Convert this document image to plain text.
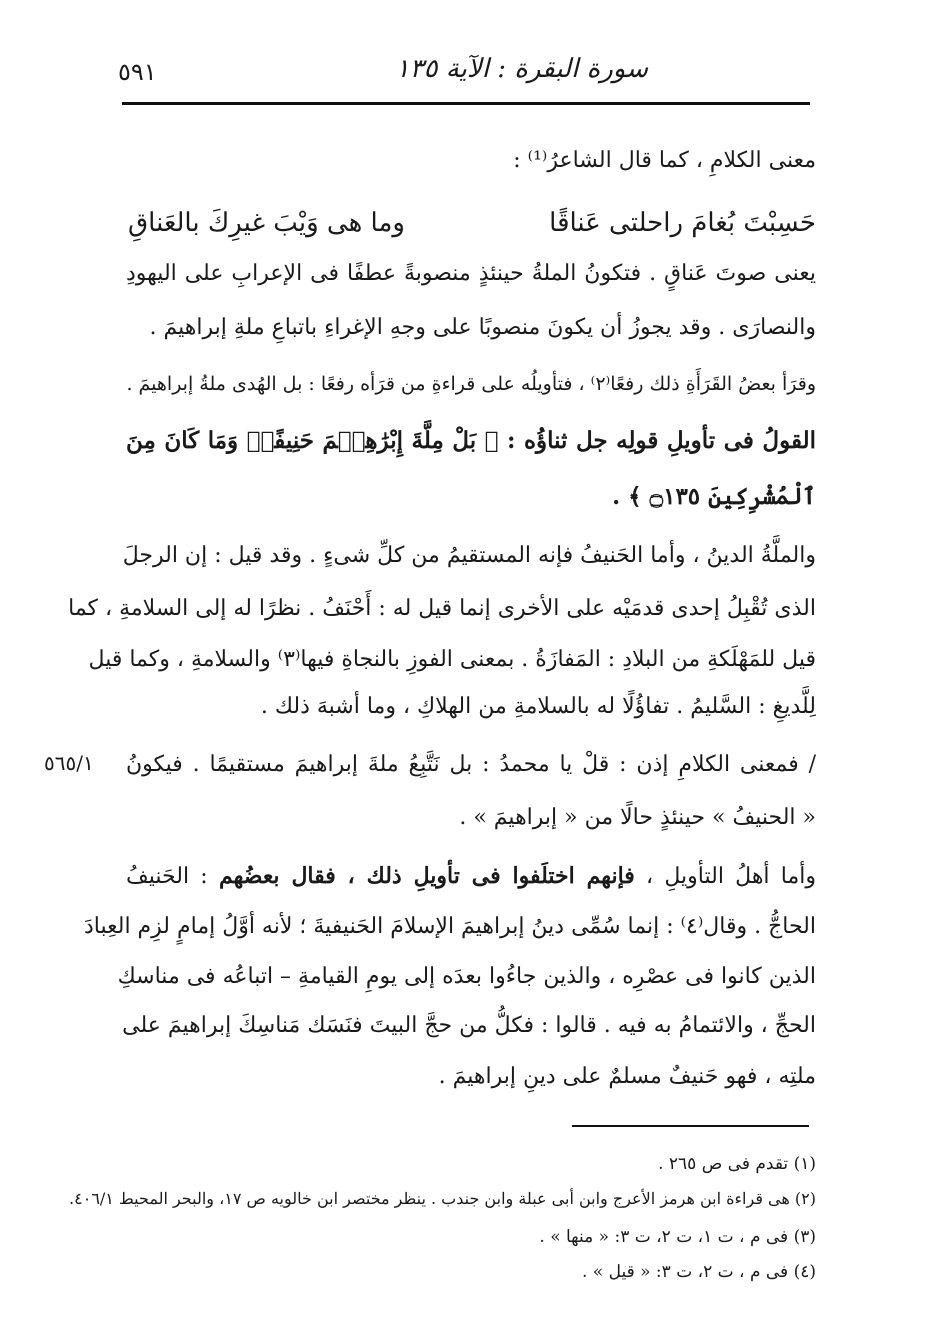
٥٩١	سورة البقرة : الآية ١٣٥
معنى الكلامِ ، كما قال الشاعرُ⁽¹⁾ :
حَسِبْتَ بُغامَ راحلتى عَناقًا
وما هى وَيْبَ غيرِكَ بالعَناقِ
يعنى صوتَ عَناقٍ . فتكونُ الملةُ حينئذٍ منصوبةً عطفًا فى الإعرابِ على اليهودِ
والنصارَى . وقد يجوزُ أن يكونَ منصوبًا على وجهِ الإغراءِ باتباعِ ملةِ إبراهيمَ .
وقرَأ بعضُ القَرَأَةِ ذلك رفعًا⁽٢⁾ ، فتأويلُه على قراءةِ من قرَأه رفعًا : بل الهُدى ملةُ إبراهيمَ .
القولُ فى تأويلِ قولِه جل ثناؤُه : ﴿ بَلْ مِلَّةَ إِبْرَٰهِـۧمَ حَنِيفًاۖ وَمَا كَانَ مِنَ
ٱلْمُشْرِكِينَ ۝١٣٥ ﴾ .
والملَّةُ الدينُ ، وأما الحَنيفُ فإنه المستقيمُ من كلِّ شىءٍ . وقد قيل : إن الرجلَ
الذى تُقْبِلُ إحدى قدمَيْه على الأخرى إنما قيل له : أَحْنَفُ . نظرًا له إلى السلامةِ ، كما
قيل للمَهْلَكةِ من البلادِ : المَفازَةُ . بمعنى الفوزِ بالنجاةِ فيها⁽٣⁾ والسلامةِ ، وكما قيل
لِلَّديغِ : السَّليمُ . تفاؤُلًا له بالسلامةِ من الهلاكِ ، وما أشبهَ ذلك .
/ فمعنى الكلامِ إذن : قلْ يا محمدُ : بل نَتَّبِعُ ملةَ إبراهيمَ مستقيمًا . فيكونُ
« الحنيفُ » حينئذٍ حالًا من « إبراهيمَ » .
٥٦٥/١
وأما أهلُ التأويلِ ، فإنهم اختلَفوا فى تأويلِ ذلك ، فقال بعضُهم : الحَنيفُ
الحاجُّ . وقال⁽٤⁾ : إنما سُمِّى دينُ إبراهيمَ الإسلامَ الحَنيفيةَ ؛ لأنه أوَّلُ إمامٍ لزِم العِبادَ
الذين كانوا فى عصْرِه ، والذين جاءُوا بعدَه إلى يومِ القيامةِ – اتباعُه فى مناسكِ
الحجِّ ، والائتمامُ به فيه . قالوا : فكلُّ من حجَّ البيتَ فنَسَك مَناسِكَ إبراهيمَ على
ملتِه ، فهو حَنيفٌ مسلمٌ على دينِ إبراهيمَ .
(١) تقدم فى ص ٢٦٥ .
(٢) هى قراءة ابن هرمز الأعرج وابن أبى عبلة وابن جندب . ينظر مختصر ابن خالويه ص ١٧، والبحر المحيط ٤٠٦/١.
(٣) فى م ، ت ١، ت ٢، ت ٣: « منها » .
(٤) فى م ، ت ٢، ت ٣: « قيل » .
